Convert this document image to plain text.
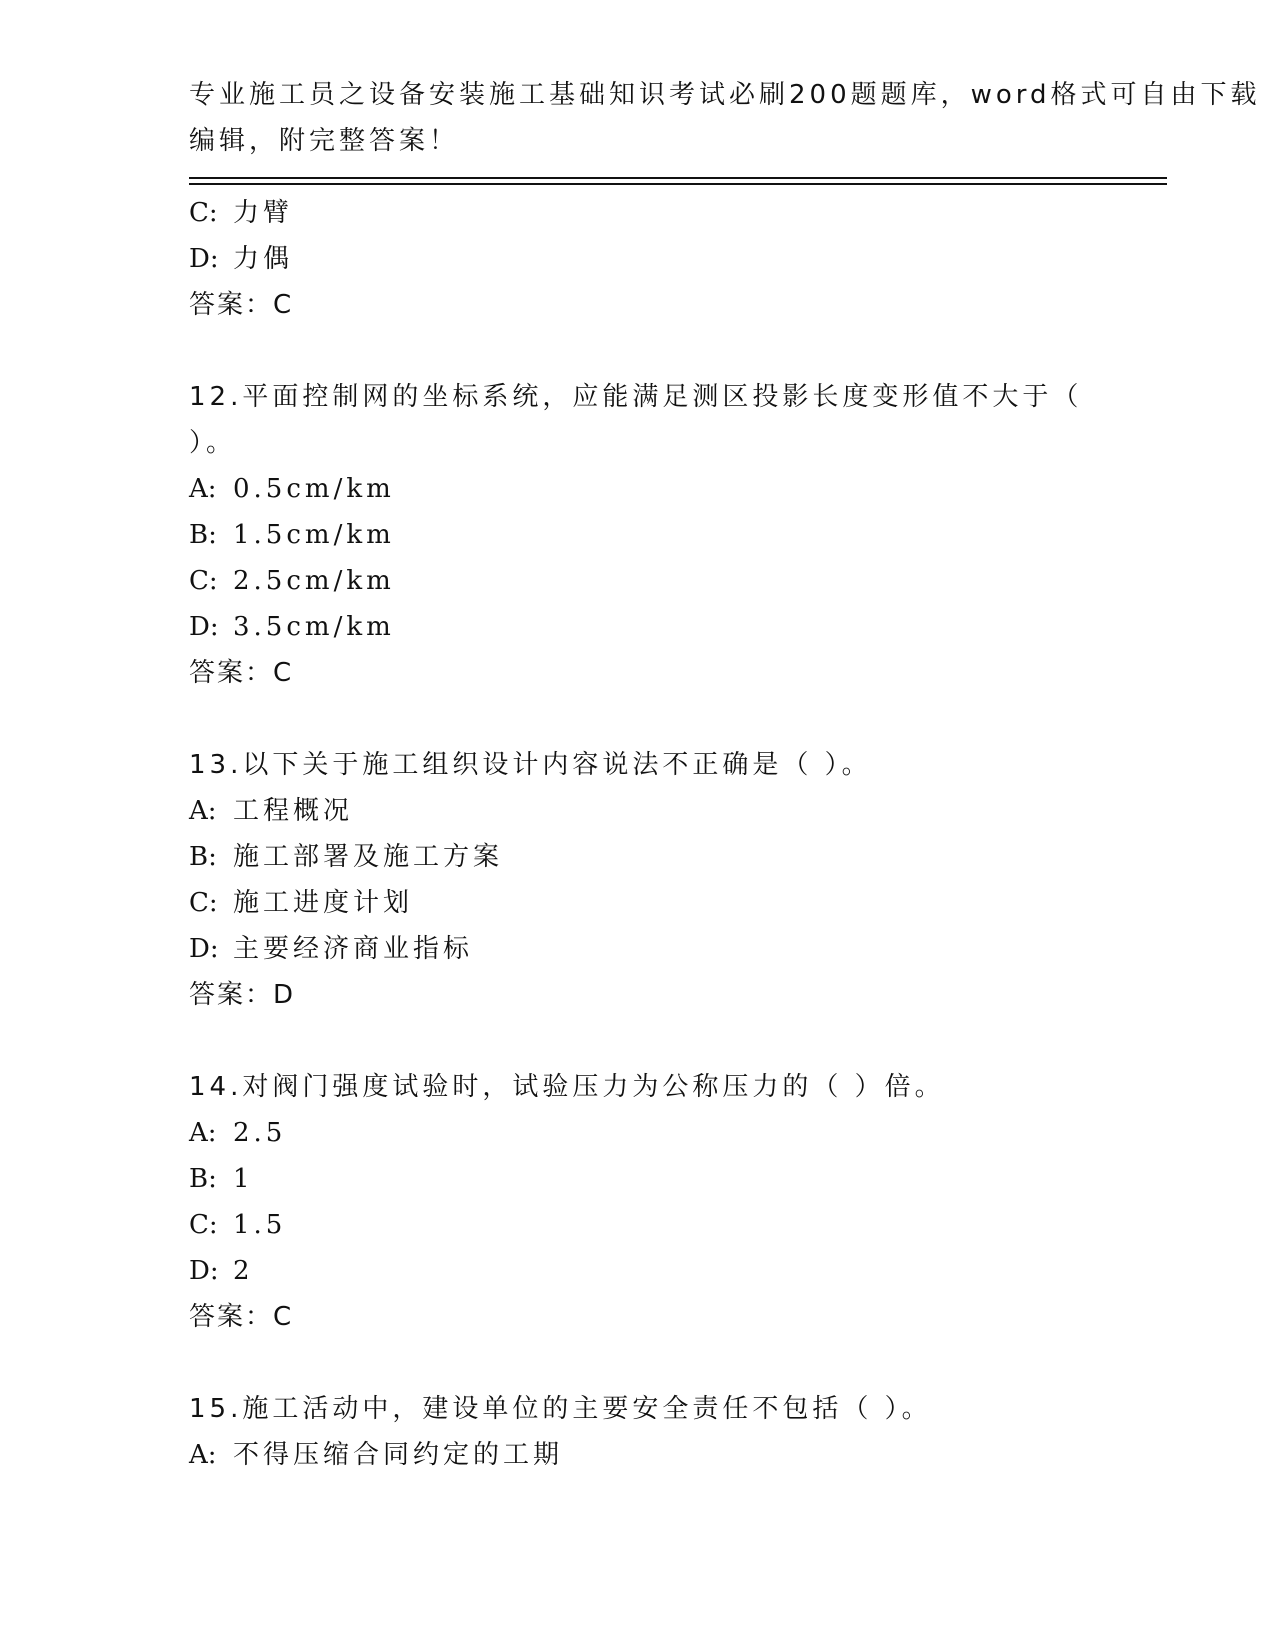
专业施工员之设备安装施工基础知识考试必刷200题题库，word格式可自由下载
编辑，附完整答案！
C: 力臂
D: 力偶
答案：C
12.平面控制网的坐标系统，应能满足测区投影长度变形值不大于（
）。
A: 0.5cm/km
B: 1.5cm/km
C: 2.5cm/km
D: 3.5cm/km
答案：C
13.以下关于施工组织设计内容说法不正确是（ ）。
A: 工程概况
B: 施工部署及施工方案
C: 施工进度计划
D: 主要经济商业指标
答案：D
14.对阀门强度试验时，试验压力为公称压力的（ ）倍。
A: 2.5
B: 1
C: 1.5
D: 2
答案：C
15.施工活动中，建设单位的主要安全责任不包括（ ）。
A: 不得压缩合同约定的工期
